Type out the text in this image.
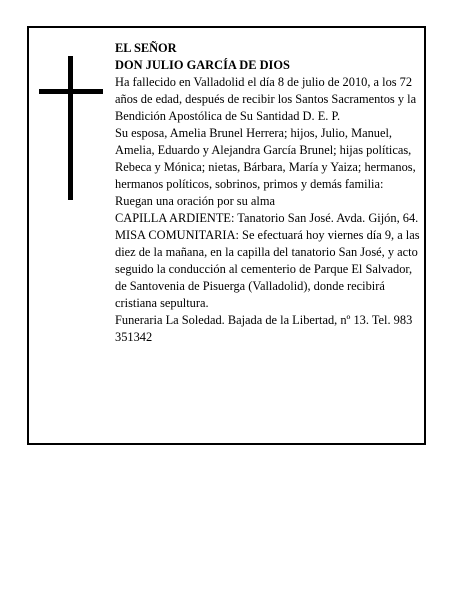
EL SEÑOR

DON JULIO GARCÍA DE DIOS

Ha fallecido en Valladolid el día 8 de julio de 2010, a los 72 años de edad, después de recibir los Santos Sacramentos y la Bendición Apostólica de Su Santidad D. E. P.

Su esposa, Amelia Brunel Herrera; hijos, Julio, Manuel, Amelia, Eduardo y Alejandra García Brunel; hijas políticas, Rebeca y Mónica; nietas, Bárbara, María y Yaiza; hermanos, hermanos políticos, sobrinos, primos y demás familia:

Ruegan una oración por su alma

CAPILLA ARDIENTE: Tanatorio San José. Avda. Gijón, 64.

MISA COMUNITARIA: Se efectuará hoy viernes día 9, a las diez de la mañana, en la capilla del tanatorio San José, y acto seguido la conducción al cementerio de Parque El Salvador, de Santovenia de Pisuerga (Valladolid), donde recibirá cristiana sepultura.

Funeraria La Soledad. Bajada de la Libertad, nº 13. Tel. 983 351342
